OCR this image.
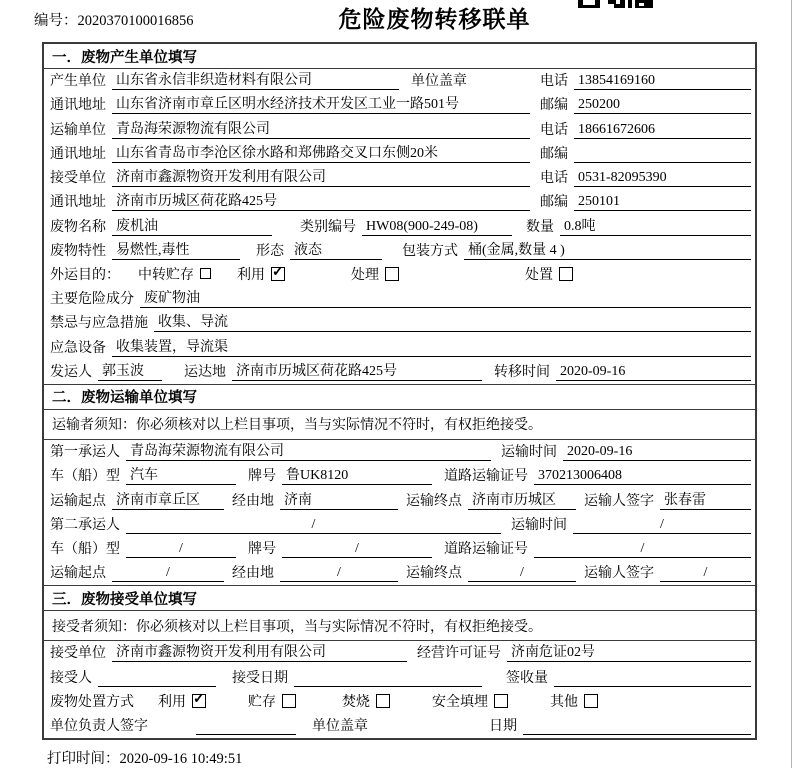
编号：2020370100016856	危险废物转移联单
一．废物产生单位填写
产生单位 山东省永信非织造材料有限公司	单位盖章	电话 13854169160
通讯地址 山东省济南市章丘区明水经济技术开发区工业一路501号	邮编 250200
运输单位 青岛海荣源物流有限公司	电话 18661672606
通讯地址 山东省青岛市李沧区徐水路和郑佛路交叉口东侧20米	邮编
接受单位 济南市鑫源物资开发利用有限公司	电话 0531-82095390
通讯地址 济南市历城区荷花路425号	邮编 250101
废物名称 废机油	类别编号 HW08(900-249-08)	数量 0.8吨
废物特性 易燃性,毒性	形态 液态	包装方式 桶(金属,数量 4 )
外运目的： 中转贮存	利用 ✓	处理	处置
主要危险成分 废矿物油
禁忌与应急措施 收集、导流
应急设备 收集装置，导流渠
发运人 郭玉波	运达地 济南市历城区荷花路425号	转移时间 2020-09-16
二．废物运输单位填写
运输者须知：你必须核对以上栏目事项，当与实际情况不符时，有权拒绝接受。
第一承运人 青岛海荣源物流有限公司	运输时间 2020-09-16
车（船）型 汽车	牌号 鲁UK8120	道路运输证号 370213006408
运输起点 济南市章丘区	经由地 济南	运输终点 济南市历城区	运输人签字 张春雷
第二承运人	/	运输时间	/
车（船）型	/	牌号	/	道路运输证号	/
运输起点	/	经由地	/	运输终点	/	运输人签字	/
三．废物接受单位填写
接受者须知：你必须核对以上栏目事项，当与实际情况不符时，有权拒绝接受。
接受单位 济南市鑫源物资开发利用有限公司	经营许可证号 济南危证02号
接受人	接受日期	签收量
废物处置方式 利用 ✓	贮存	焚烧	安全填埋	其他
单位负责人签字	单位盖章	日期
打印时间：2020-09-16 10:49:51
